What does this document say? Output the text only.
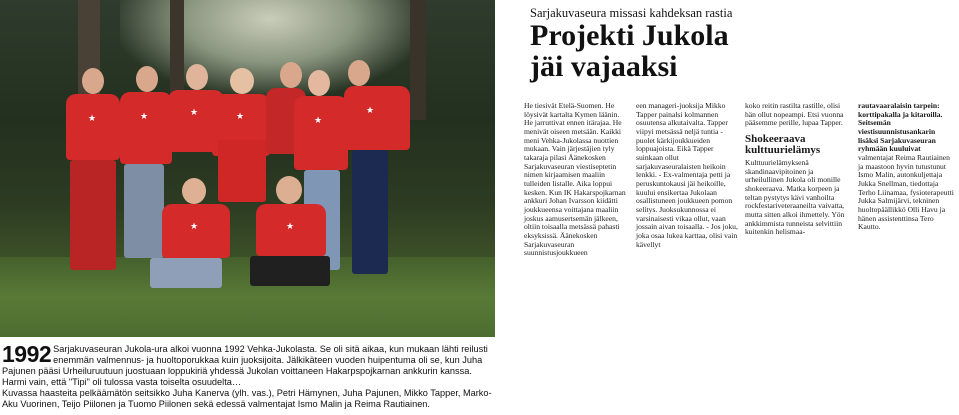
★	★	★	★	★
★
★	★
1992 Sarjakuvaseuran Jukola-ura alkoi vuonna 1992 Vehka-Jukolasta. Se oli sitä aikaa, kun mukaan lähti reilusti enemmän valmennus- ja huoltoporukkaa kuin juoksijoita. Jälkikäteen vuoden huipentuma oli se, kun Juha Pajunen pääsi Urheiluruutuun juostuaan loppukiriä yhdessä Jukolan voittaneen Hakarpspojkarnan ankkurin kanssa. Harmi vain, että "Tipi" oli tulossa vasta toiselta osuudelta…

Kuvassa haasteita pelkäämätön seitsikko Juha Kanerva (ylh. vas.), Petri Hämynen, Juha Pajunen, Mikko Tapper, Marko-Aku Vuorinen, Teijo Piilonen ja Tuomo Piilonen sekä edessä valmentajat Ismo Malin ja Reima Rautiainen.

Sarjakuvaseura missasi kahdeksan rastia
Projekti Jukola
jäi vajaaksi

He tiesivät Etelä-Suomen. He löysivät kartalta Kymen läänin. He jarruttivat ennen itärajaa. He menivät oiseen metsään. Kaikki meni Vehka-Jukolassa nuottien mukaan. Vain järjestäjien tyly takaraja pilasi Äänekosken Sarjakuvaseuran viestiseptetin nimen kirjaamisen maaliin tulleiden listalle. Aika loppui kesken. Kun IK Hakarspojkarnan ankkuri Johan Ivarsson kiidätti joukkueensa voittajana maaliin joskus aamusertsemän jälkeen, oltiin toisaalla metsässä pahasti eksyksissä. Äänekosken Sarjakuvaseuran suunnistusjoukkueen

een manageri-juoksija Mikko Tapper painalsi kolmannen osuutensa alkutaivalta. Tapper viipyi metsässä neljä tuntia - puolet kärkijoukkueiden loppuajoista. Eikä Tapper suinkaan ollut sarjakuvaseuralaisten heikoin lenkki. - Ex-valmentaja petti ja peruskuntokausi jäi heikoille, kuului ensikertaa Jukolaan osallistuneen joukkueen pomon selitys. Juoksukunnossa ei varsinaisesti vikaa ollut, vaan jossain aivan toisaalla. - Jos joku, joka osaa lukea karttaa, olisi vain kävellyt

koko reitin rastilta rastille, olisi hän ollut nopeampi. Etsi vuonna pääsemme perille, lupaa Tapper.

Shokeeraava kulttuurielämys

Kulttuurielämyksenä skandinaavipitoinen ja urheilullinen Jukola oli monille shokeeraava. Matka korpeen ja teltan pystytys kävi vanhoilta rockfestariveteraaneilta vaivatta, mutta sitten alkoi ihmettely. Yön ankkimmista tunneista selvittiin kuitenkin helismaa-

rautavaaralaisin tarpein: korttipakalla ja kitaroilla.

Seitsemän viestisuunnistusankarin lisäksi Sarjakuvaseuran ryhmään kuuluivat valmentajat Reima Rautiainen ja maastoon hyvin tutustunut Ismo Malin, autonkuljettaja Jukka Snellman, tiedottaja Terho Liinamaa, fysioterapeutti Jukka Salmijärvi, tekninen huoltopäällikkö Olli Havu ja hänen assistenttinsa Tero Kautto.
